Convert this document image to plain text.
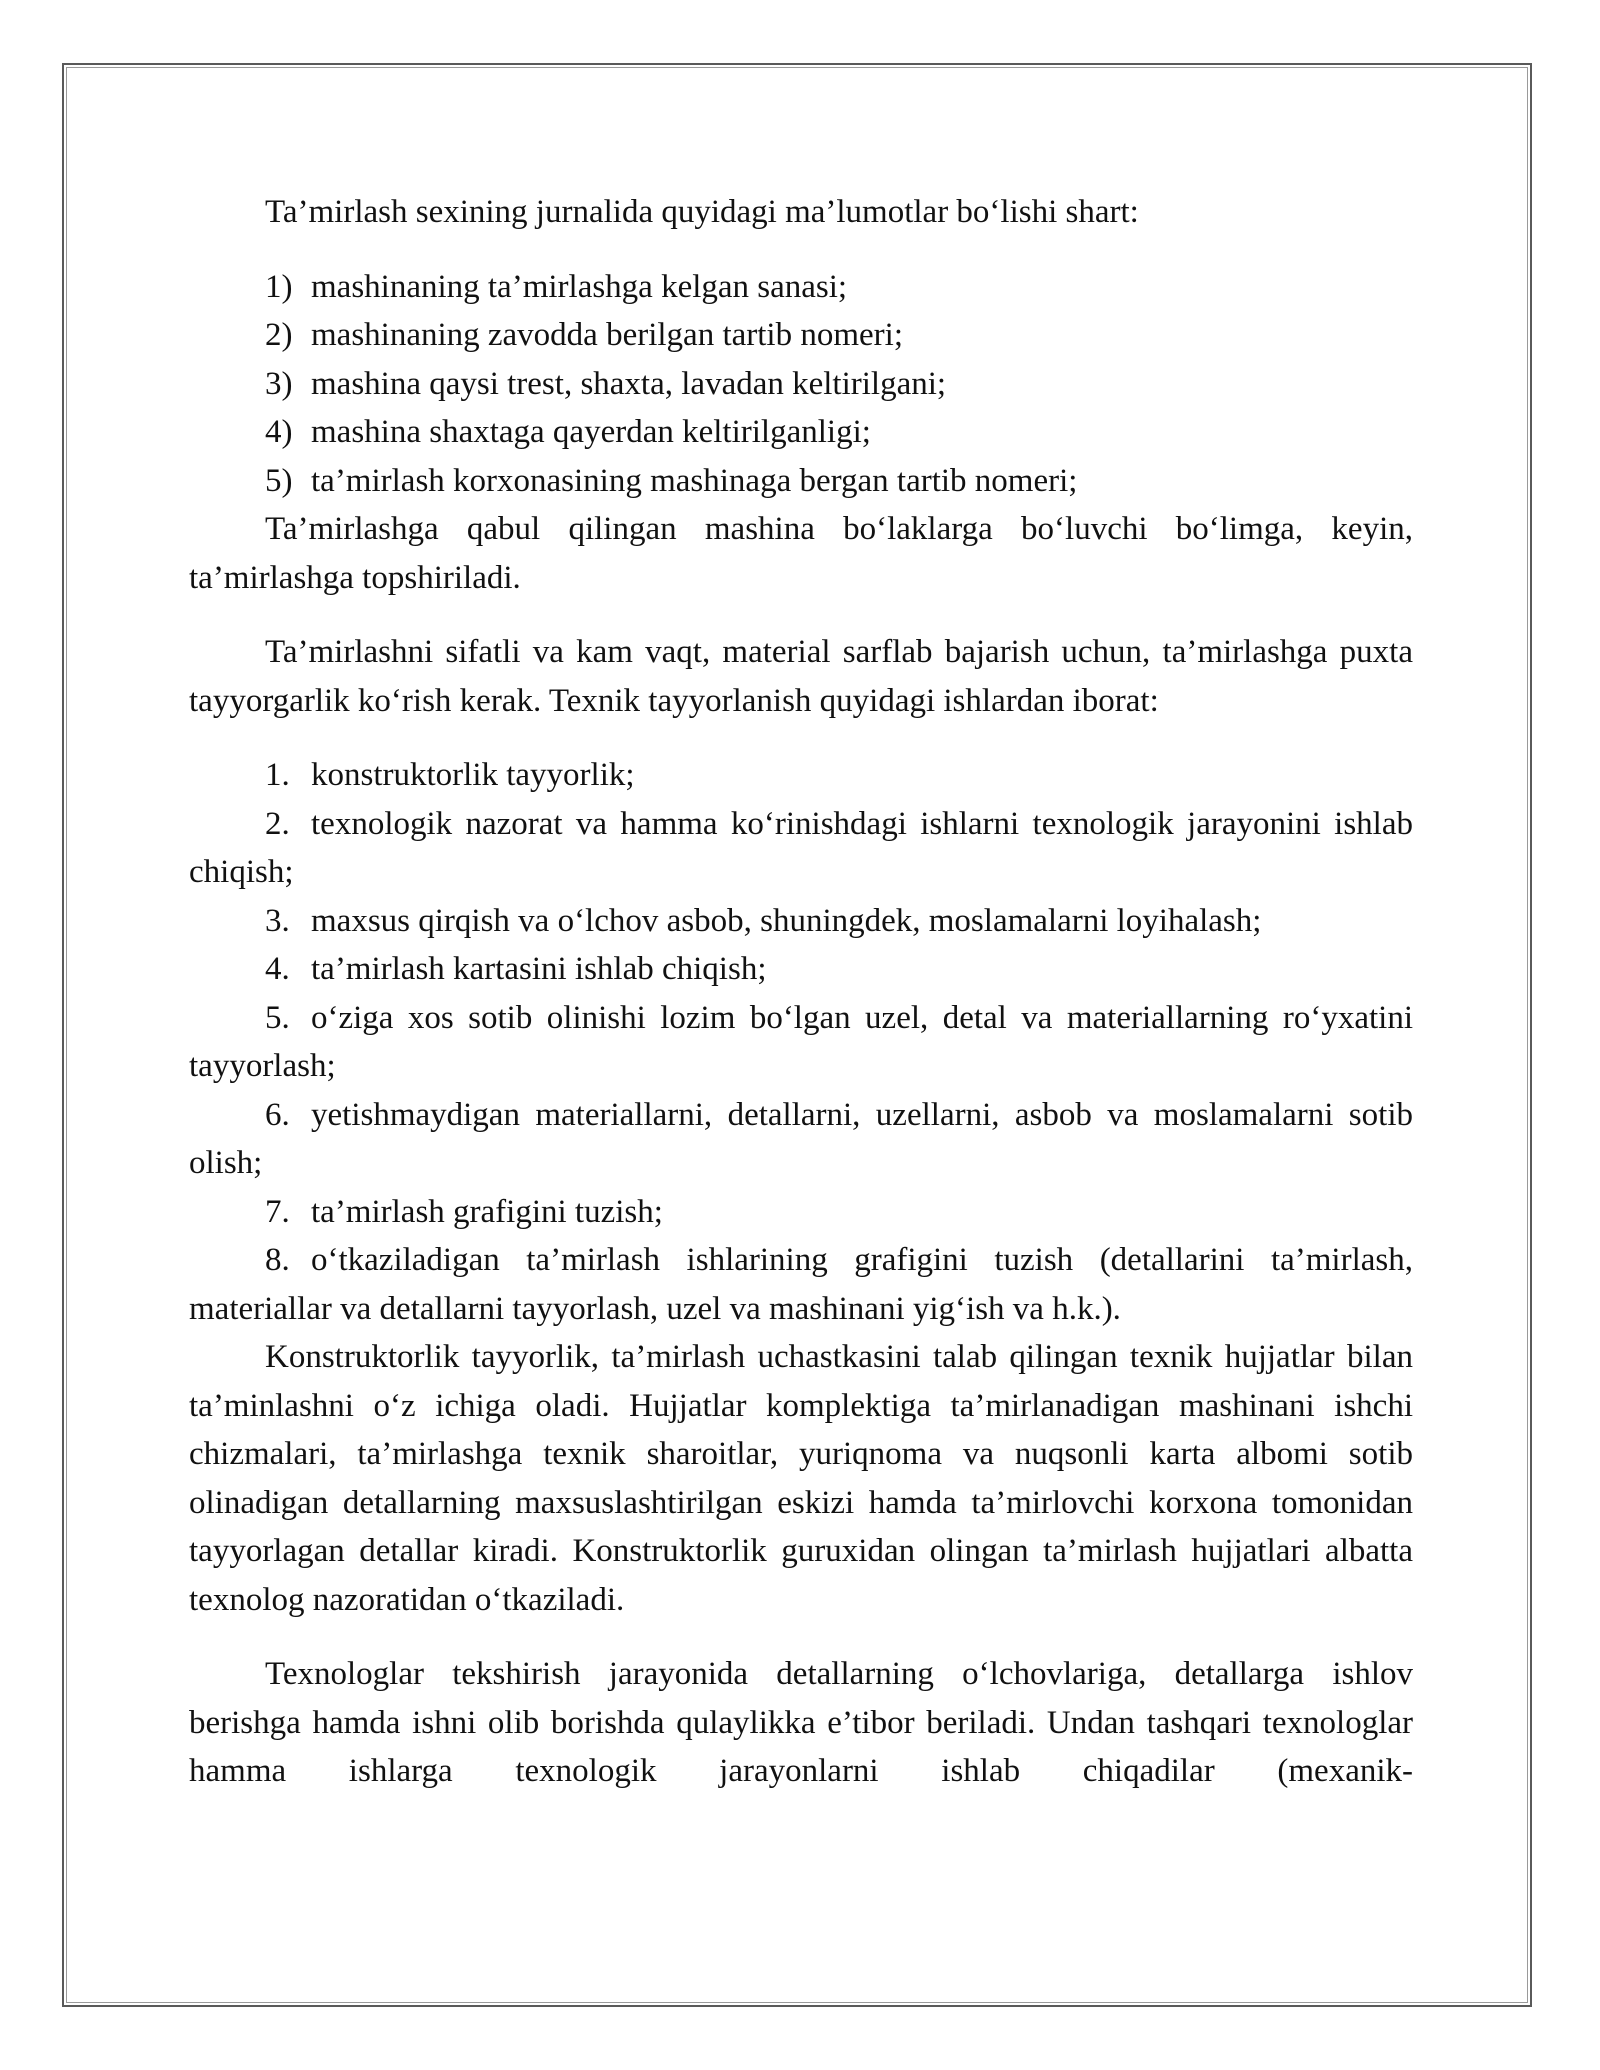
Ta’mirlash sexining jurnalida quyidagi ma’lumotlar bo‘lishi shart:

1) mashinaning ta’mirlashga kelgan sanasi;
2) mashinaning zavodda berilgan tartib nomeri;
3) mashina qaysi trest, shaxta, lavadan keltirilgani;
4) mashina shaxtaga qayerdan keltirilganligi;
5) ta’mirlash korxonasining mashinaga bergan tartib nomeri;

Ta’mirlashga qabul qilingan mashina bo‘laklarga bo‘luvchi bo‘limga, keyin, ta’mirlashga topshiriladi.

Ta’mirlashni sifatli va kam vaqt, material sarflab bajarish uchun, ta’mirlashga puxta tayyorgarlik ko‘rish kerak. Texnik tayyorlanish quyidagi ishlardan iborat:

1. konstruktorlik tayyorlik;
2. texnologik nazorat va hamma ko‘rinishdagi ishlarni texnologik jarayonini ishlab chiqish;
3. maxsus qirqish va o‘lchov asbob, shuningdek, moslamalarni loyihalash;
4. ta’mirlash kartasini ishlab chiqish;
5. o‘ziga xos sotib olinishi lozim bo‘lgan uzel, detal va materiallarning ro‘yxatini tayyorlash;
6. yetishmaydigan materiallarni, detallarni, uzellarni, asbob va moslamalarni sotib olish;
7. ta’mirlash grafigini tuzish;
8. o‘tkaziladigan ta’mirlash ishlarining grafigini tuzish (detallarini ta’mirlash, materiallar va detallarni tayyorlash, uzel va mashinani yig‘ish va h.k.).

Konstruktorlik tayyorlik, ta’mirlash uchastkasini talab qilingan texnik hujjatlar bilan ta’minlashni o‘z ichiga oladi. Hujjatlar komplektiga ta’mirlanadigan mashinani ishchi chizmalari, ta’mirlashga texnik sharoitlar, yuriqnoma va nuqsonli karta albomi sotib olinadigan detallarning maxsuslashtirilgan eskizi hamda ta’mirlovchi korxona tomonidan tayyorlagan detallar kiradi. Konstruktorlik guruxidan olingan ta’mirlash hujjatlari albatta texnolog nazoratidan o‘tkaziladi.

Texnologlar tekshirish jarayonida detallarning o‘lchovlariga, detallarga ishlov berishga hamda ishni olib borishda qulaylikka e’tibor beriladi. Undan tashqari texnologlar hamma ishlarga texnologik jarayonlarni ishlab chiqadilar (mexanik-
